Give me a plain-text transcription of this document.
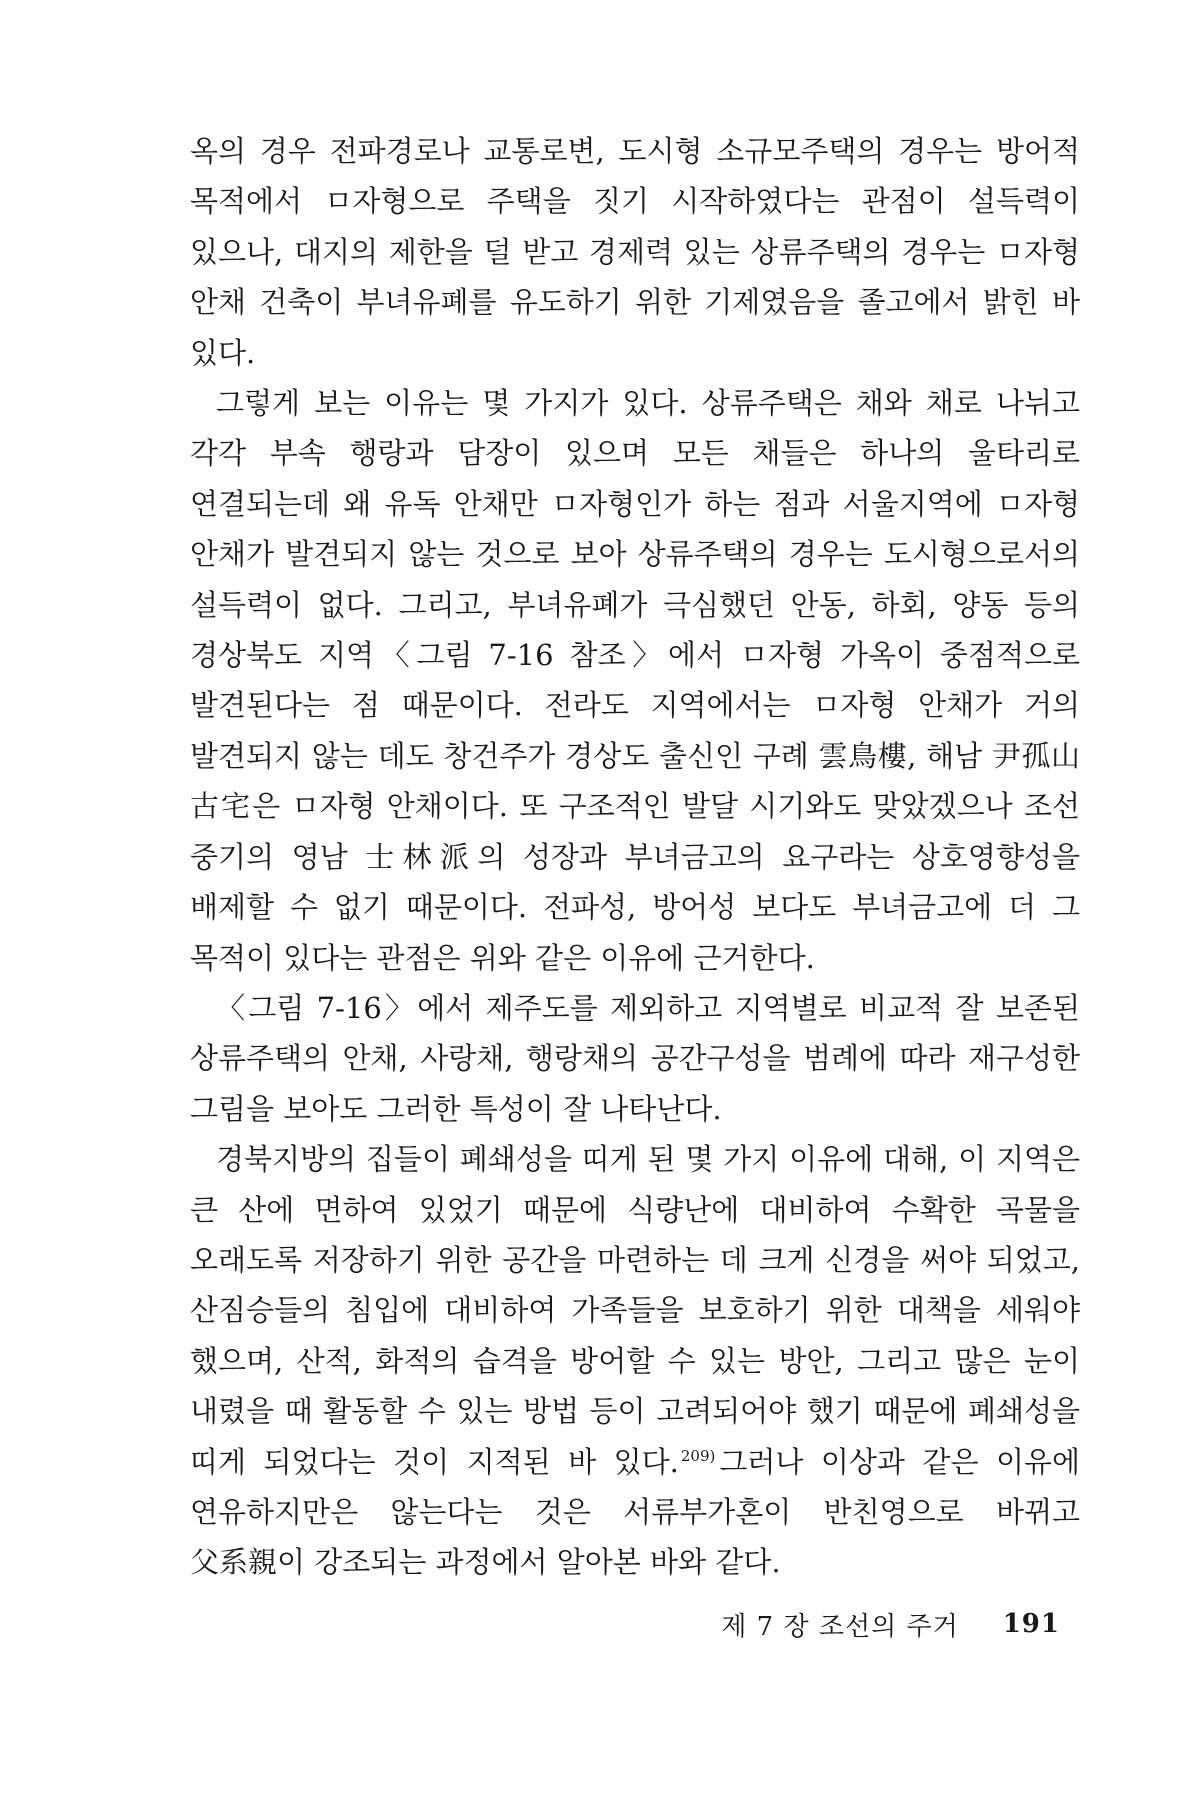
옥의 경우 전파경로나 교통로변, 도시형 소규모주택의 경우는 방어적 목적에서 ㅁ자형으로 주택을 짓기 시작하였다는 관점이 설득력이 있으나, 대지의 제한을 덜 받고 경제력 있는 상류주택의 경우는 ㅁ자형 안채 건축이 부녀유폐를 유도하기 위한 기제였음을 졸고에서 밝힌 바 있다.

그렇게 보는 이유는 몇 가지가 있다. 상류주택은 채와 채로 나뉘고 각각 부속 행랑과 담장이 있으며 모든 채들은 하나의 울타리로 연결되는데 왜 유독 안채만 ㅁ자형인가 하는 점과 서울지역에 ㅁ자형 안채가 발견되지 않는 것으로 보아 상류주택의 경우는 도시형으로서의 설득력이 없다. 그리고, 부녀유폐가 극심했던 안동, 하회, 양동 등의 경상북도 지역〈그림 7-16 참조〉에서 ㅁ자형 가옥이 중점적으로 발견된다는 점 때문이다. 전라도 지역에서는 ㅁ자형 안채가 거의 발견되지 않는 데도 창건주가 경상도 출신인 구례 雲鳥樓, 해남 尹孤山 古宅은 ㅁ자형 안채이다. 또 구조적인 발달 시기와도 맞았겠으나 조선 중기의 영남 士林派의 성장과 부녀금고의 요구라는 상호영향성을 배제할 수 없기 때문이다. 전파성, 방어성 보다도 부녀금고에 더 그 목적이 있다는 관점은 위와 같은 이유에 근거한다.

〈그림 7-16〉에서 제주도를 제외하고 지역별로 비교적 잘 보존된 상류주택의 안채, 사랑채, 행랑채의 공간구성을 범례에 따라 재구성한 그림을 보아도 그러한 특성이 잘 나타난다.

경북지방의 집들이 폐쇄성을 띠게 된 몇 가지 이유에 대해, 이 지역은 큰 산에 면하여 있었기 때문에 식량난에 대비하여 수확한 곡물을 오래도록 저장하기 위한 공간을 마련하는 데 크게 신경을 써야 되었고, 산짐승들의 침입에 대비하여 가족들을 보호하기 위한 대책을 세워야 했으며, 산적, 화적의 습격을 방어할 수 있는 방안, 그리고 많은 눈이 내렸을 때 활동할 수 있는 방법 등이 고려되어야 했기 때문에 폐쇄성을 띠게 되었다는 것이 지적된 바 있다. $^{209)}$ 그러나 이상과 같은 이유에 연유하지만은 않는다는 것은 서류부가혼이 반친영으로 바뀌고 父系親이 강조되는 과정에서 알아본 바와 같다.

제 7 장 조선의 주거 191
